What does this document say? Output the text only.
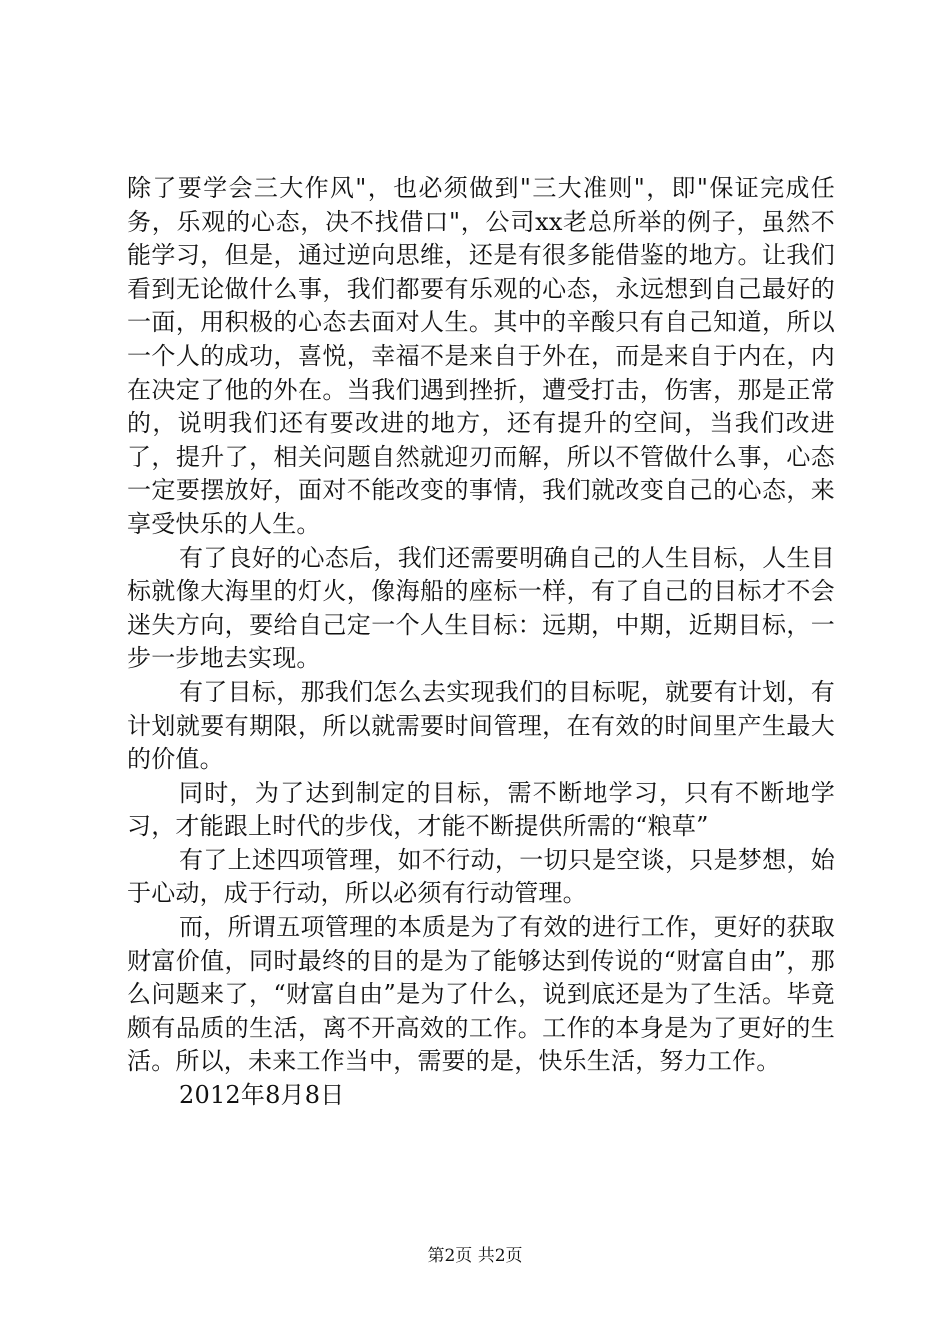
除了要学会三大作风"，也必须做到"三大准则"，即"保证完成任务，乐观的心态，决不找借口"，公司xx老总所举的例子，虽然不能学习，但是，通过逆向思维，还是有很多能借鉴的地方。让我们看到无论做什么事，我们都要有乐观的心态，永远想到自己最好的一面，用积极的心态去面对人生。其中的辛酸只有自己知道，所以一个人的成功，喜悦，幸福不是来自于外在，而是来自于内在，内在决定了他的外在。当我们遇到挫折，遭受打击，伤害，那是正常的，说明我们还有要改进的地方，还有提升的空间，当我们改进了，提升了，相关问题自然就迎刃而解，所以不管做什么事，心态一定要摆放好，面对不能改变的事情，我们就改变自己的心态，来享受快乐的人生。

有了良好的心态后，我们还需要明确自己的人生目标，人生目标就像大海里的灯火，像海船的座标一样，有了自己的目标才不会迷失方向，要给自己定一个人生目标：远期，中期，近期目标，一步一步地去实现。

有了目标，那我们怎么去实现我们的目标呢，就要有计划，有计划就要有期限，所以就需要时间管理，在有效的时间里产生最大的价值。

同时，为了达到制定的目标，需不断地学习，只有不断地学习，才能跟上时代的步伐，才能不断提供所需的“粮草”

有了上述四项管理，如不行动，一切只是空谈，只是梦想，始于心动，成于行动，所以必须有行动管理。

而，所谓五项管理的本质是为了有效的进行工作，更好的获取财富价值，同时最终的目的是为了能够达到传说的“财富自由”，那么问题来了，“财富自由”是为了什么，说到底还是为了生活。毕竟颇有品质的生活，离不开高效的工作。工作的本身是为了更好的生活。所以，未来工作当中，需要的是，快乐生活，努力工作。

2012年8月8日

第2页 共2页
